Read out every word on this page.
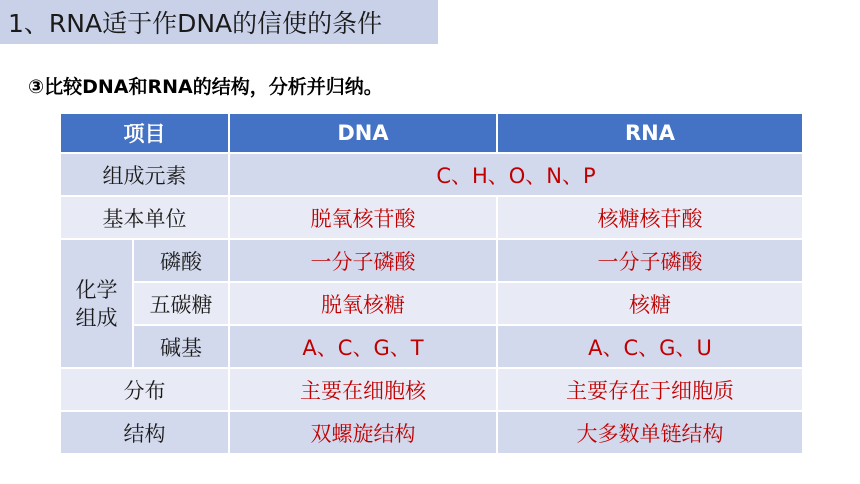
1、RNA适于作DNA的信使的条件
③比较DNA和RNA的结构，分析并归纳。
项目		DNA	RNA
组成元素		C、H、O、N、P	
基本单位		脱氧核苷酸	核糖核苷酸
化学组成	磷酸	一分子磷酸	一分子磷酸
	五碳糖	脱氧核糖	核糖
	碱基	A、C、G、T	A、C、G、U
分布		主要在细胞核	主要存在于细胞质
结构		双螺旋结构	大多数单链结构
